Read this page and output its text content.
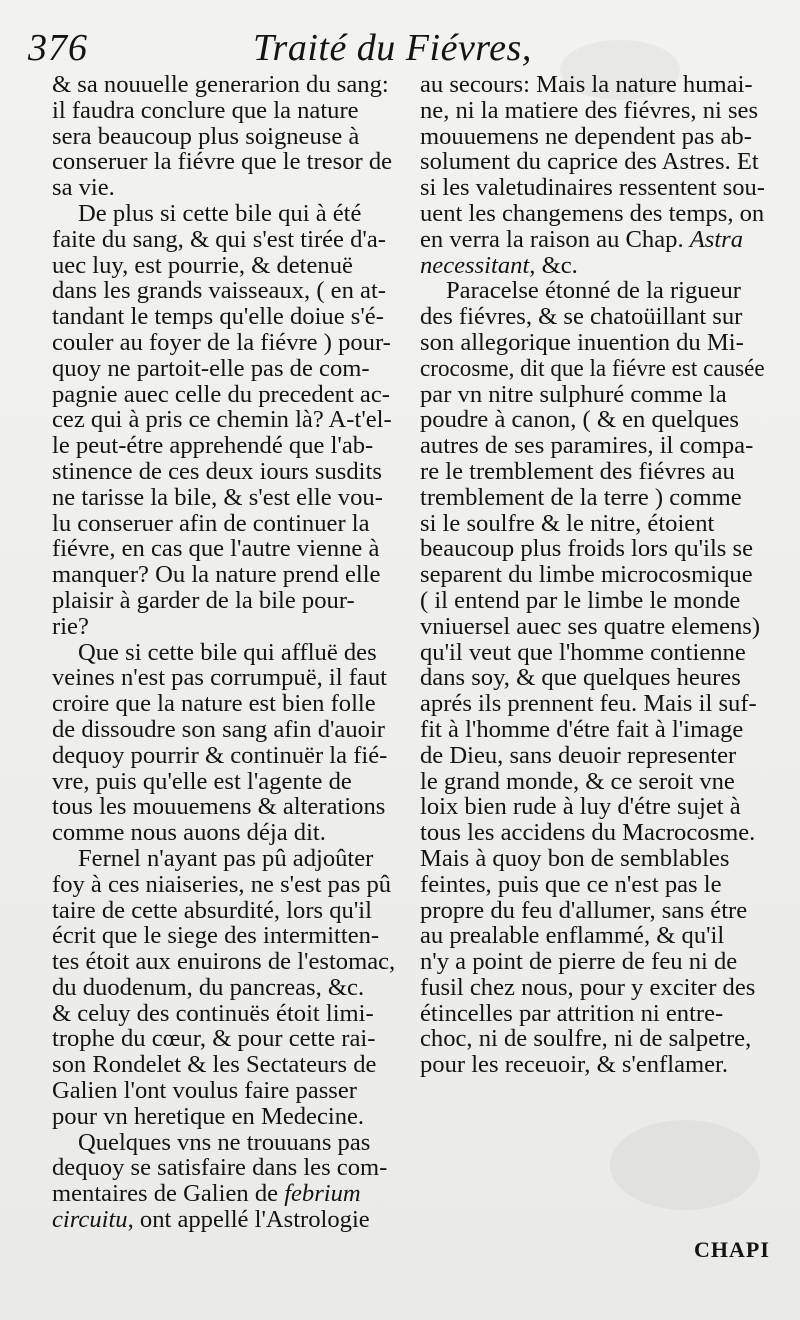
376	Traité du Fiévres,
& sa nouuelle generarion du sang:
il faudra conclure que la nature
sera beaucoup plus soigneuse à
conseruer la fiévre que le tresor de
sa vie.
De plus si cette bile qui à été
faite du sang, & qui s'est tirée d'a-
uec luy, est pourrie, & detenuë
dans les grands vaisseaux, ( en at-
tandant le temps qu'elle doiue s'é-
couler au foyer de la fiévre ) pour-
quoy ne partoit-elle pas de com-
pagnie auec celle du precedent ac-
cez qui à pris ce chemin là? A-t'el-
le peut-étre apprehendé que l'ab-
stinence de ces deux iours susdits
ne tarisse la bile, & s'est elle vou-
lu conseruer afin de continuer la
fiévre, en cas que l'autre vienne à
manquer? Ou la nature prend elle
plaisir à garder de la bile pour-
rie?
Que si cette bile qui affluë des
veines n'est pas corrumpuë, il faut
croire que la nature est bien folle
de dissoudre son sang afin d'auoir
dequoy pourrir & continuër la fié-
vre, puis qu'elle est l'agente de
tous les mouuemens & alterations
comme nous auons déja dit.
Fernel n'ayant pas pû adjoûter
foy à ces niaiseries, ne s'est pas pû
taire de cette absurdité, lors qu'il
écrit que le siege des intermitten-
tes étoit aux enuirons de l'estomac,
du duodenum, du pancreas, &c.
& celuy des continuës étoit limi-
trophe du cœur, & pour cette rai-
son Rondelet & les Sectateurs de
Galien l'ont voulus faire passer
pour vn heretique en Medecine.
Quelques vns ne trouuans pas
dequoy se satisfaire dans les com-
mentaires de Galien de febrium
circuitu, ont appellé l'Astrologie
au secours: Mais la nature humai-
ne, ni la matiere des fiévres, ni ses
mouuemens ne dependent pas ab-
solument du caprice des Astres. Et
si les valetudinaires ressentent sou-
uent les changemens des temps, on
en verra la raison au Chap. Astra
necessitant, &c.
Paracelse étonné de la rigueur
des fiévres, & se chatoüillant sur
son allegorique inuention du Mi-
crocosme, dit que la fiévre est causée
par vn nitre sulphuré comme la
poudre à canon, ( & en quelques
autres de ses paramires, il compa-
re le tremblement des fiévres au
tremblement de la terre ) comme
si le soulfre & le nitre, étoient
beaucoup plus froids lors qu'ils se
separent du limbe microcosmique
( il entend par le limbe le monde
vniuersel auec ses quatre elemens)
qu'il veut que l'homme contienne
dans soy, & que quelques heures
aprés ils prennent feu. Mais il suf-
fit à l'homme d'étre fait à l'image
de Dieu, sans deuoir representer
le grand monde, & ce seroit vne
loix bien rude à luy d'étre sujet à
tous les accidens du Macrocosme.
Mais à quoy bon de semblables
feintes, puis que ce n'est pas le
propre du feu d'allumer, sans étre
au prealable enflammé, & qu'il
n'y a point de pierre de feu ni de
fusil chez nous, pour y exciter des
étincelles par attrition ni entre-
choc, ni de soulfre, ni de salpetre,
pour les receuoir, & s'enflamer.
CHAPI
